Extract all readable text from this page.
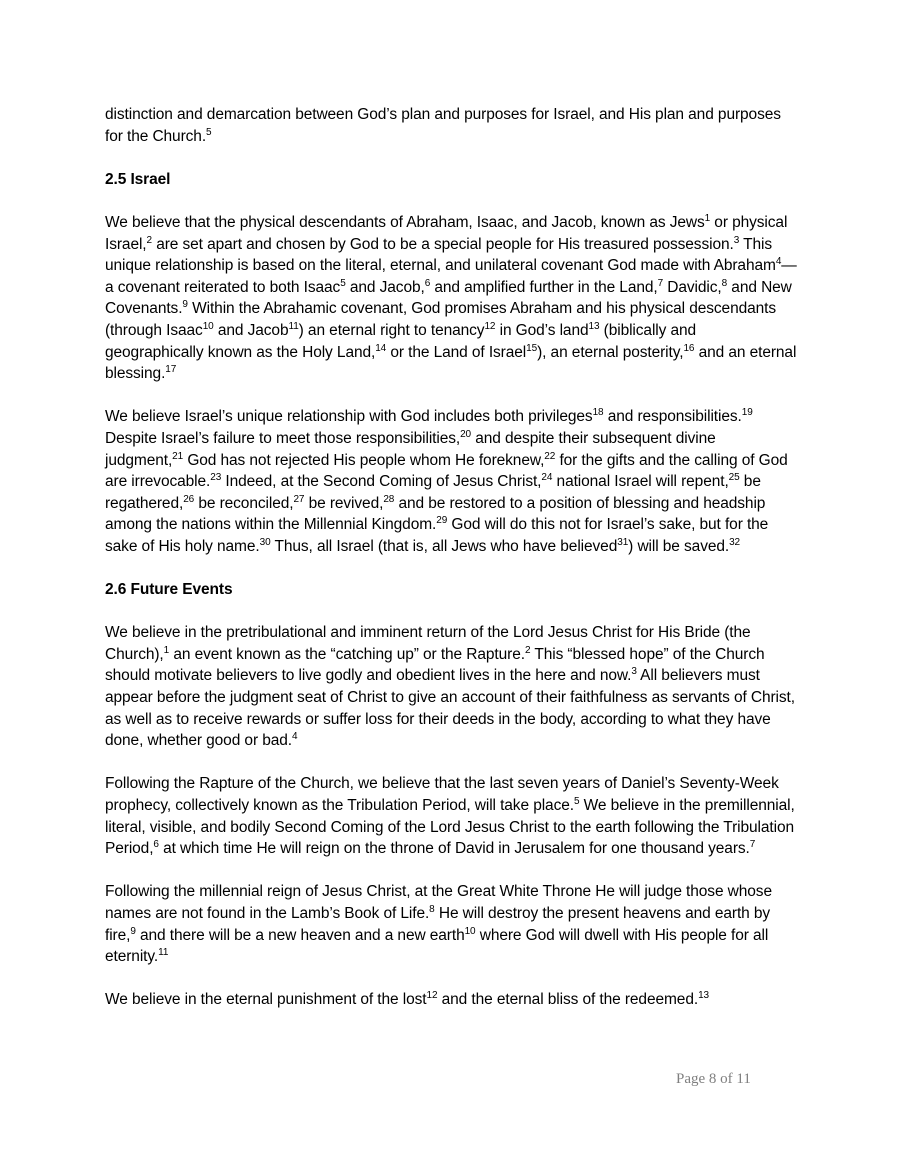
distinction and demarcation between God’s plan and purposes for Israel, and His plan and purposes for the Church.$^5$

2.5 Israel

We believe that the physical descendants of Abraham, Isaac, and Jacob, known as Jews$^1$ or physical Israel,$^2$ are set apart and chosen by God to be a special people for His treasured possession.$^3$ This unique relationship is based on the literal, eternal, and unilateral covenant God made with Abraham$^4$—a covenant reiterated to both Isaac$^5$ and Jacob,$^6$ and amplified further in the Land,$^7$ Davidic,$^8$ and New Covenants.$^9$ Within the Abrahamic covenant, God promises Abraham and his physical descendants (through Isaac$^{10}$ and Jacob$^{11}$) an eternal right to tenancy$^{12}$ in God’s land$^{13}$ (biblically and geographically known as the Holy Land,$^{14}$ or the Land of Israel$^{15}$), an eternal posterity,$^{16}$ and an eternal blessing.$^{17}$

We believe Israel’s unique relationship with God includes both privileges$^{18}$ and responsibilities.$^{19}$ Despite Israel’s failure to meet those responsibilities,$^{20}$ and despite their subsequent divine judgment,$^{21}$ God has not rejected His people whom He foreknew,$^{22}$ for the gifts and the calling of God are irrevocable.$^{23}$ Indeed, at the Second Coming of Jesus Christ,$^{24}$ national Israel will repent,$^{25}$ be regathered,$^{26}$ be reconciled,$^{27}$ be revived,$^{28}$ and be restored to a position of blessing and headship among the nations within the Millennial Kingdom.$^{29}$ God will do this not for Israel’s sake, but for the sake of His holy name.$^{30}$ Thus, all Israel (that is, all Jews who have believed$^{31}$) will be saved.$^{32}$

2.6 Future Events

We believe in the pretribulational and imminent return of the Lord Jesus Christ for His Bride (the Church),$^1$ an event known as the “catching up” or the Rapture.$^2$ This “blessed hope” of the Church should motivate believers to live godly and obedient lives in the here and now.$^3$ All believers must appear before the judgment seat of Christ to give an account of their faithfulness as servants of Christ, as well as to receive rewards or suffer loss for their deeds in the body, according to what they have done, whether good or bad.$^4$

Following the Rapture of the Church, we believe that the last seven years of Daniel’s Seventy-Week prophecy, collectively known as the Tribulation Period, will take place.$^5$ We believe in the premillennial, literal, visible, and bodily Second Coming of the Lord Jesus Christ to the earth following the Tribulation Period,$^6$ at which time He will reign on the throne of David in Jerusalem for one thousand years.$^7$

Following the millennial reign of Jesus Christ, at the Great White Throne He will judge those whose names are not found in the Lamb’s Book of Life.$^8$ He will destroy the present heavens and earth by fire,$^9$ and there will be a new heaven and a new earth$^{10}$ where God will dwell with His people for all eternity.$^{11}$

We believe in the eternal punishment of the lost$^{12}$ and the eternal bliss of the redeemed.$^{13}$

Page 8 of 11
